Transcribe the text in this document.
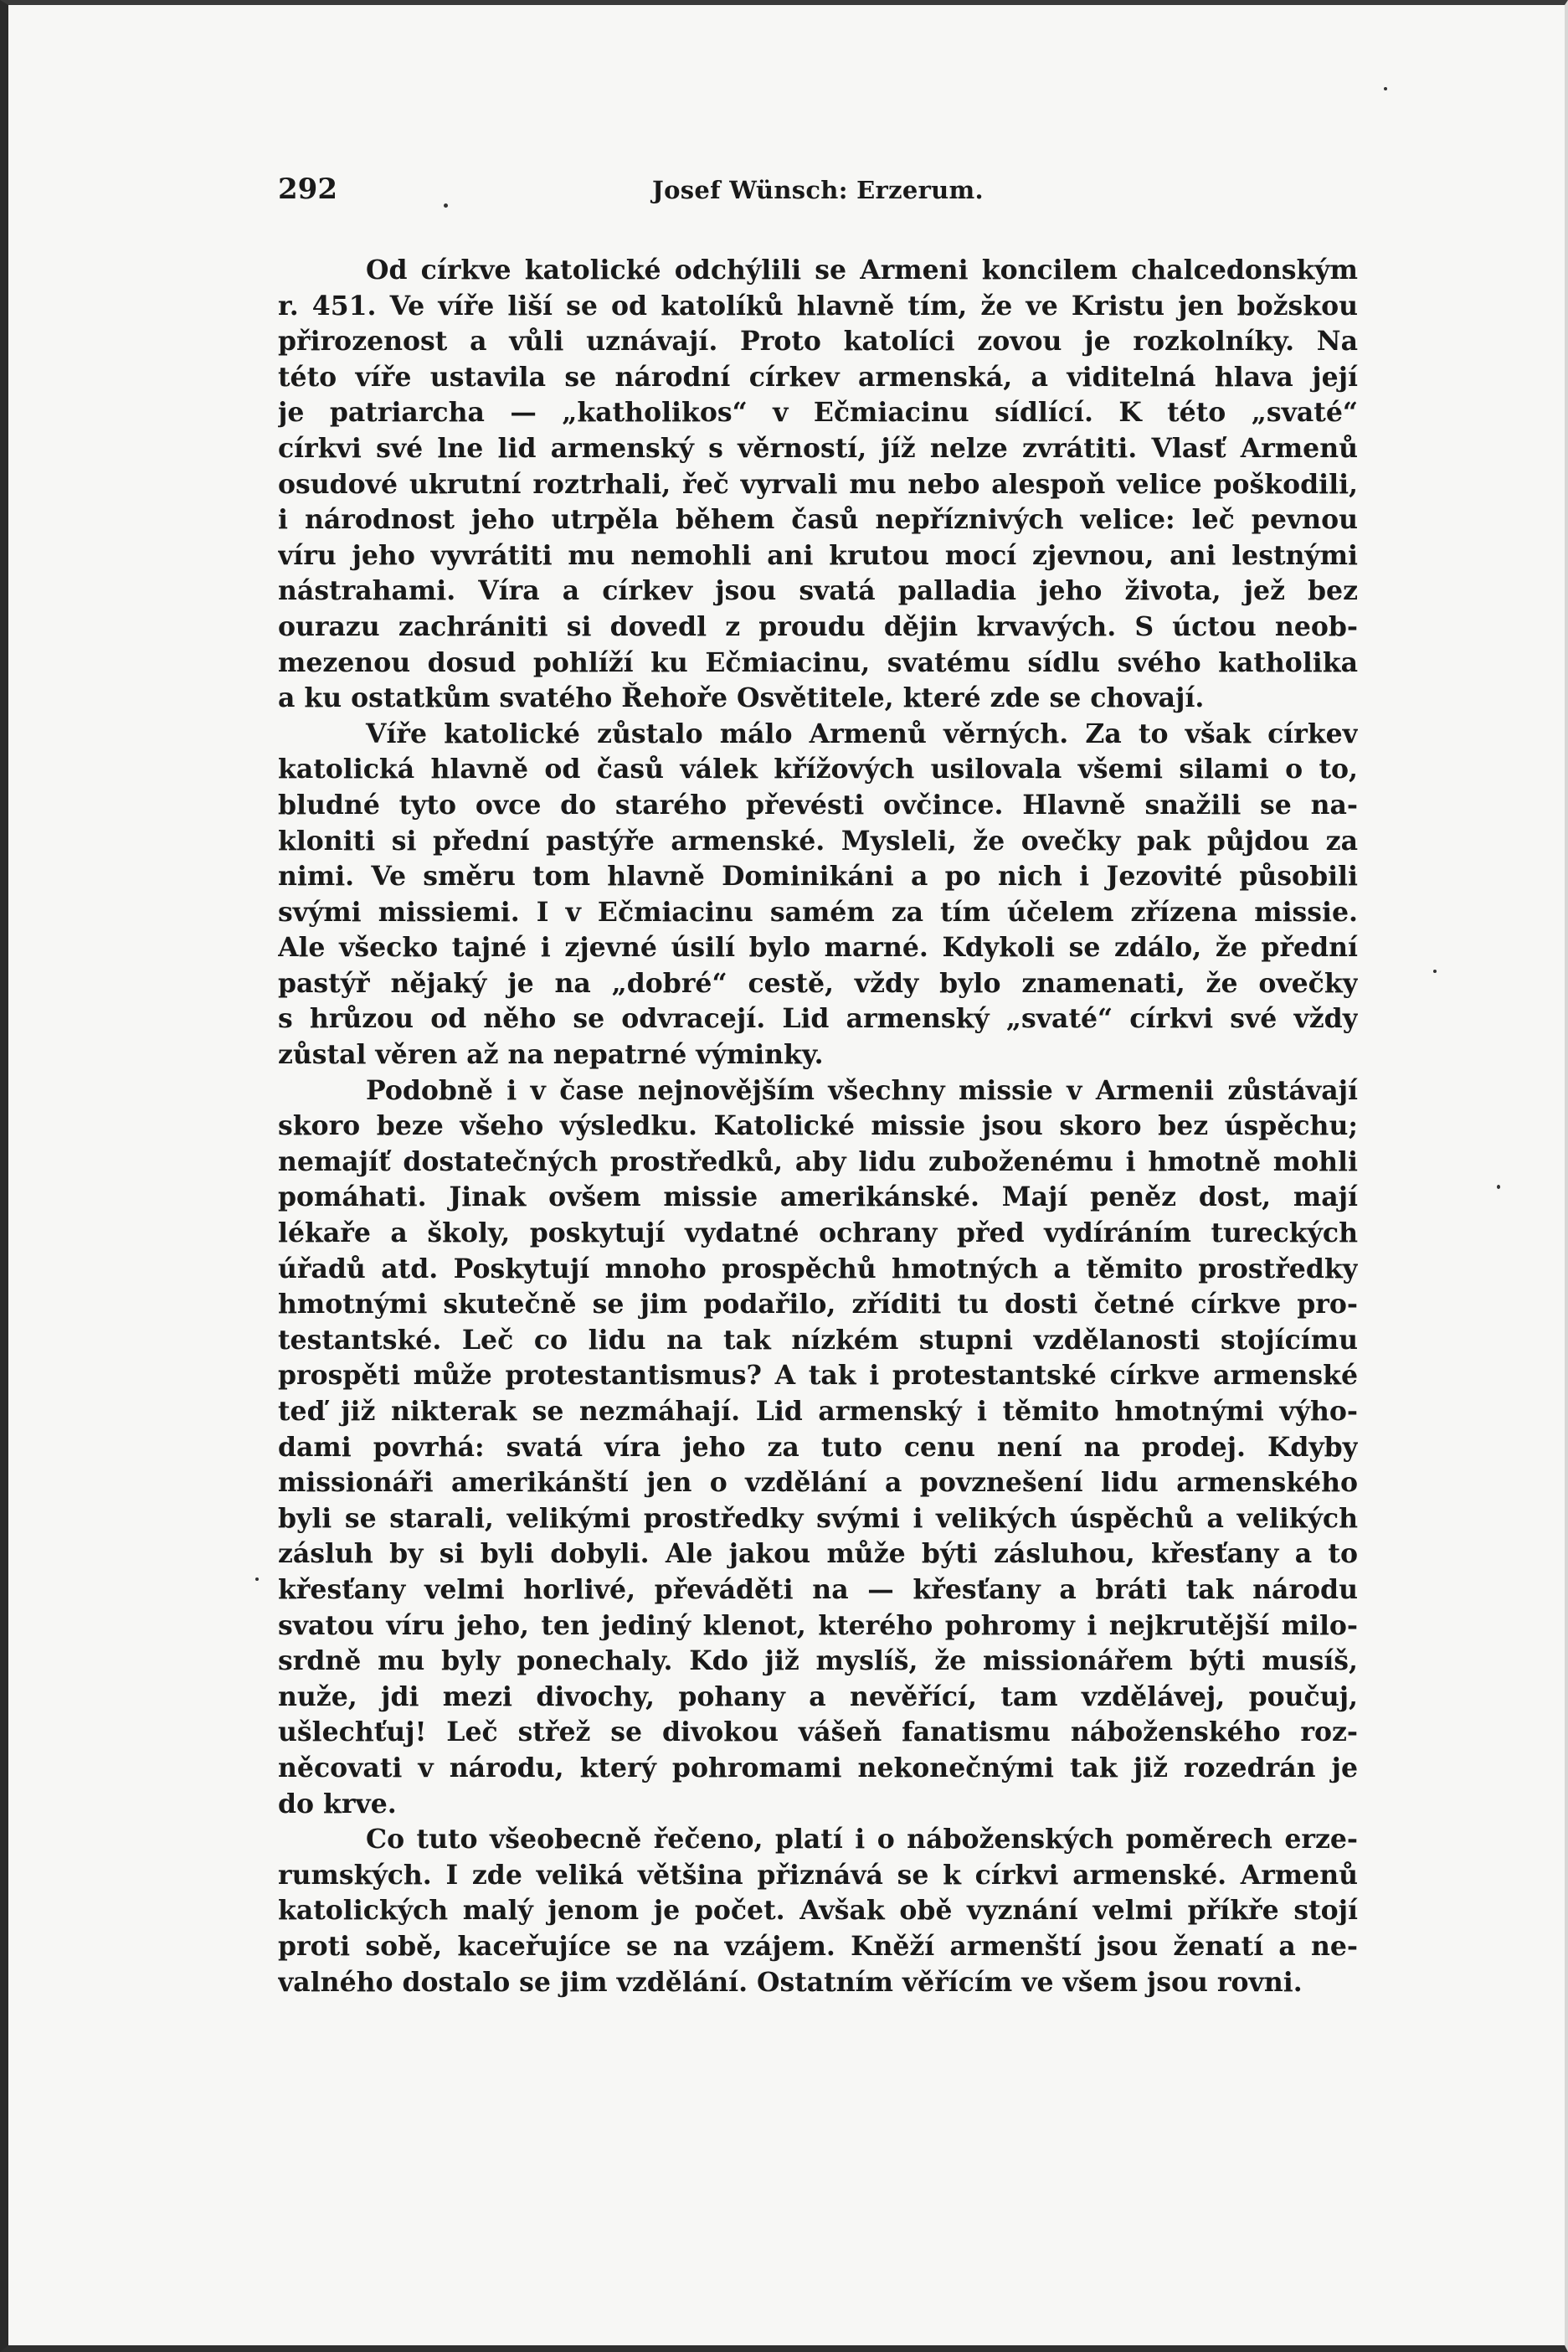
292	Josef Wünsch: Erzerum.
Od církve katolické odchýlili se Armeni koncilem chalcedonským
r. 451. Ve víře liší se od katolíků hlavně tím, že ve Kristu jen božskou
přirozenost a vůli uznávají. Proto katolíci zovou je rozkolníky. Na
této víře ustavila se národní církev armenská, a viditelná hlava její
je patriarcha — „katholikos“ v Ečmiacinu sídlící. K této „svaté“
církvi své lne lid armenský s věrností, jíž nelze zvrátiti. Vlasť Armenů
osudové ukrutní roztrhali, řeč vyrvali mu nebo alespoň velice poškodili,
i národnost jeho utrpěla během časů nepříznivých velice: leč pevnou
víru jeho vyvrátiti mu nemohli ani krutou mocí zjevnou, ani lestnými
nástrahami. Víra a církev jsou svatá palladia jeho života, jež bez
ourazu zachrániti si dovedl z proudu dějin krvavých. S úctou neob-
mezenou dosud pohlíží ku Ečmiacinu, svatému sídlu svého katholika
a ku ostatkům svatého Řehoře Osvětitele, které zde se chovají.
Víře katolické zůstalo málo Armenů věrných. Za to však církev
katolická hlavně od časů válek křížových usilovala všemi silami o to,
bludné tyto ovce do starého převésti ovčince. Hlavně snažili se na-
kloniti si přední pastýře armenské. Mysleli, že ovečky pak půjdou za
nimi. Ve směru tom hlavně Dominikáni a po nich i Jezovité působili
svými missiemi. I v Ečmiacinu samém za tím účelem zřízena missie.
Ale všecko tajné i zjevné úsilí bylo marné. Kdykoli se zdálo, že přední
pastýř nějaký je na „dobré“ cestě, vždy bylo znamenati, že ovečky
s hrůzou od něho se odvracejí. Lid armenský „svaté“ církvi své vždy
zůstal věren až na nepatrné výminky.
Podobně i v čase nejnovějším všechny missie v Armenii zůstávají
skoro beze všeho výsledku. Katolické missie jsou skoro bez úspěchu;
nemajíť dostatečných prostředků, aby lidu zuboženému i hmotně mohli
pomáhati. Jinak ovšem missie amerikánské. Mají peněz dost, mají
lékaře a školy, poskytují vydatné ochrany před vydíráním tureckých
úřadů atd. Poskytují mnoho prospěchů hmotných a těmito prostředky
hmotnými skutečně se jim podařilo, zříditi tu dosti četné církve pro-
testantské. Leč co lidu na tak nízkém stupni vzdělanosti stojícímu
prospěti může protestantismus? A tak i protestantské církve armenské
teď již nikterak se nezmáhají. Lid armenský i těmito hmotnými výho-
dami povrhá: svatá víra jeho za tuto cenu není na prodej. Kdyby
missionáři amerikánští jen o vzdělání a povznešení lidu armenského
byli se starali, velikými prostředky svými i velikých úspěchů a velikých
zásluh by si byli dobyli. Ale jakou může býti zásluhou, křesťany a to
křesťany velmi horlivé, převáděti na — křesťany a bráti tak národu
svatou víru jeho, ten jediný klenot, kterého pohromy i nejkrutější milo-
srdně mu byly ponechaly. Kdo již myslíš, že missionářem býti musíš,
nuže, jdi mezi divochy, pohany a nevěřící, tam vzdělávej, poučuj,
ušlechťuj! Leč střež se divokou vášeň fanatismu náboženského roz-
něcovati v národu, který pohromami nekonečnými tak již rozedrán je
do krve.
Co tuto všeobecně řečeno, platí i o náboženských poměrech erze-
rumských. I zde veliká většina přiznává se k církvi armenské. Armenů
katolických malý jenom je počet. Avšak obě vyznání velmi příkře stojí
proti sobě, kaceřujíce se na vzájem. Kněží armenští jsou ženatí a ne-
valného dostalo se jim vzdělání. Ostatním věřícím ve všem jsou rovni.
